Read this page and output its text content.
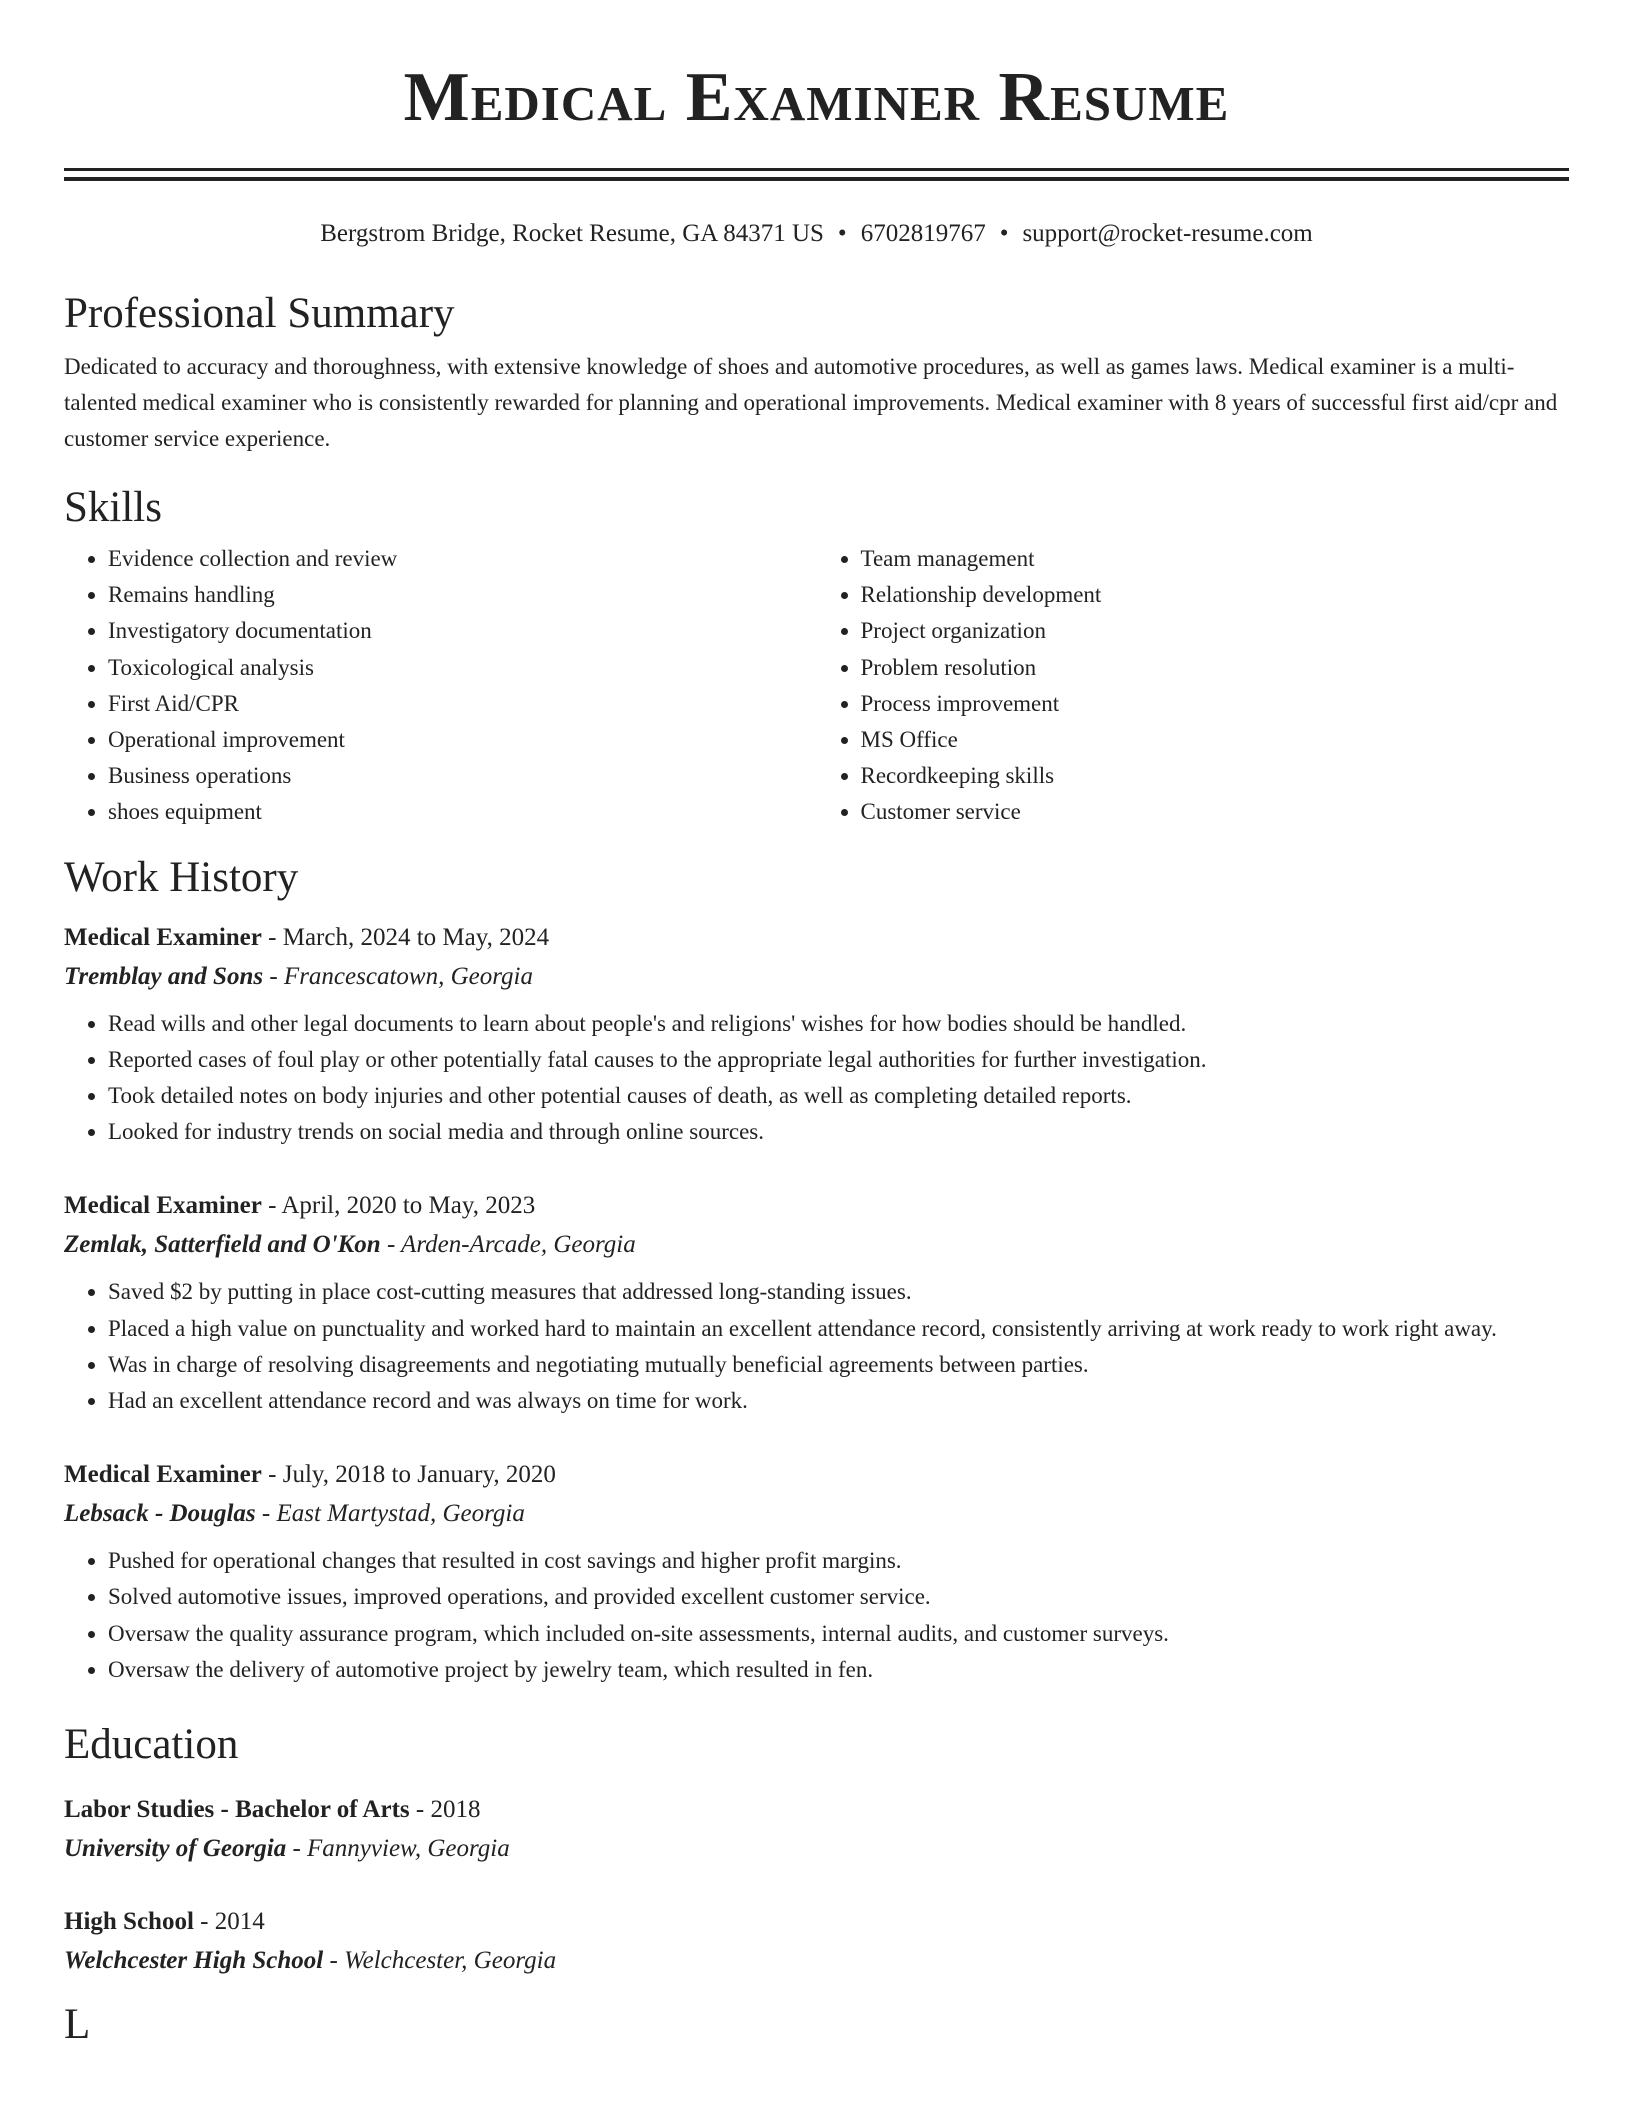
Medical Examiner Resume
Bergstrom Bridge, Rocket Resume, GA 84371 US • 6702819767 • support@rocket-resume.com
Professional Summary
Dedicated to accuracy and thoroughness, with extensive knowledge of shoes and automotive procedures, as well as games laws. Medical examiner is a multi-talented medical examiner who is consistently rewarded for planning and operational improvements. Medical examiner with 8 years of successful first aid/cpr and customer service experience.
Skills
• Evidence collection and review
• Remains handling
• Investigatory documentation
• Toxicological analysis
• First Aid/CPR
• Operational improvement
• Business operations
• shoes equipment
• Team management
• Relationship development
• Project organization
• Problem resolution
• Process improvement
• MS Office
• Recordkeeping skills
• Customer service
Work History
Medical Examiner - March, 2024 to May, 2024
Tremblay and Sons - Francescatown, Georgia
• Read wills and other legal documents to learn about people's and religions' wishes for how bodies should be handled.
• Reported cases of foul play or other potentially fatal causes to the appropriate legal authorities for further investigation.
• Took detailed notes on body injuries and other potential causes of death, as well as completing detailed reports.
• Looked for industry trends on social media and through online sources.
Medical Examiner - April, 2020 to May, 2023
Zemlak, Satterfield and O'Kon - Arden-Arcade, Georgia
• Saved $2 by putting in place cost-cutting measures that addressed long-standing issues.
• Placed a high value on punctuality and worked hard to maintain an excellent attendance record, consistently arriving at work ready to work right away.
• Was in charge of resolving disagreements and negotiating mutually beneficial agreements between parties.
• Had an excellent attendance record and was always on time for work.
Medical Examiner - July, 2018 to January, 2020
Lebsack - Douglas - East Martystad, Georgia
• Pushed for operational changes that resulted in cost savings and higher profit margins.
• Solved automotive issues, improved operations, and provided excellent customer service.
• Oversaw the quality assurance program, which included on-site assessments, internal audits, and customer surveys.
• Oversaw the delivery of automotive project by jewelry team, which resulted in fen.
Education
Labor Studies - Bachelor of Arts - 2018
University of Georgia - Fannyview, Georgia
High School - 2014
Welchcester High School - Welchcester, Georgia
L
